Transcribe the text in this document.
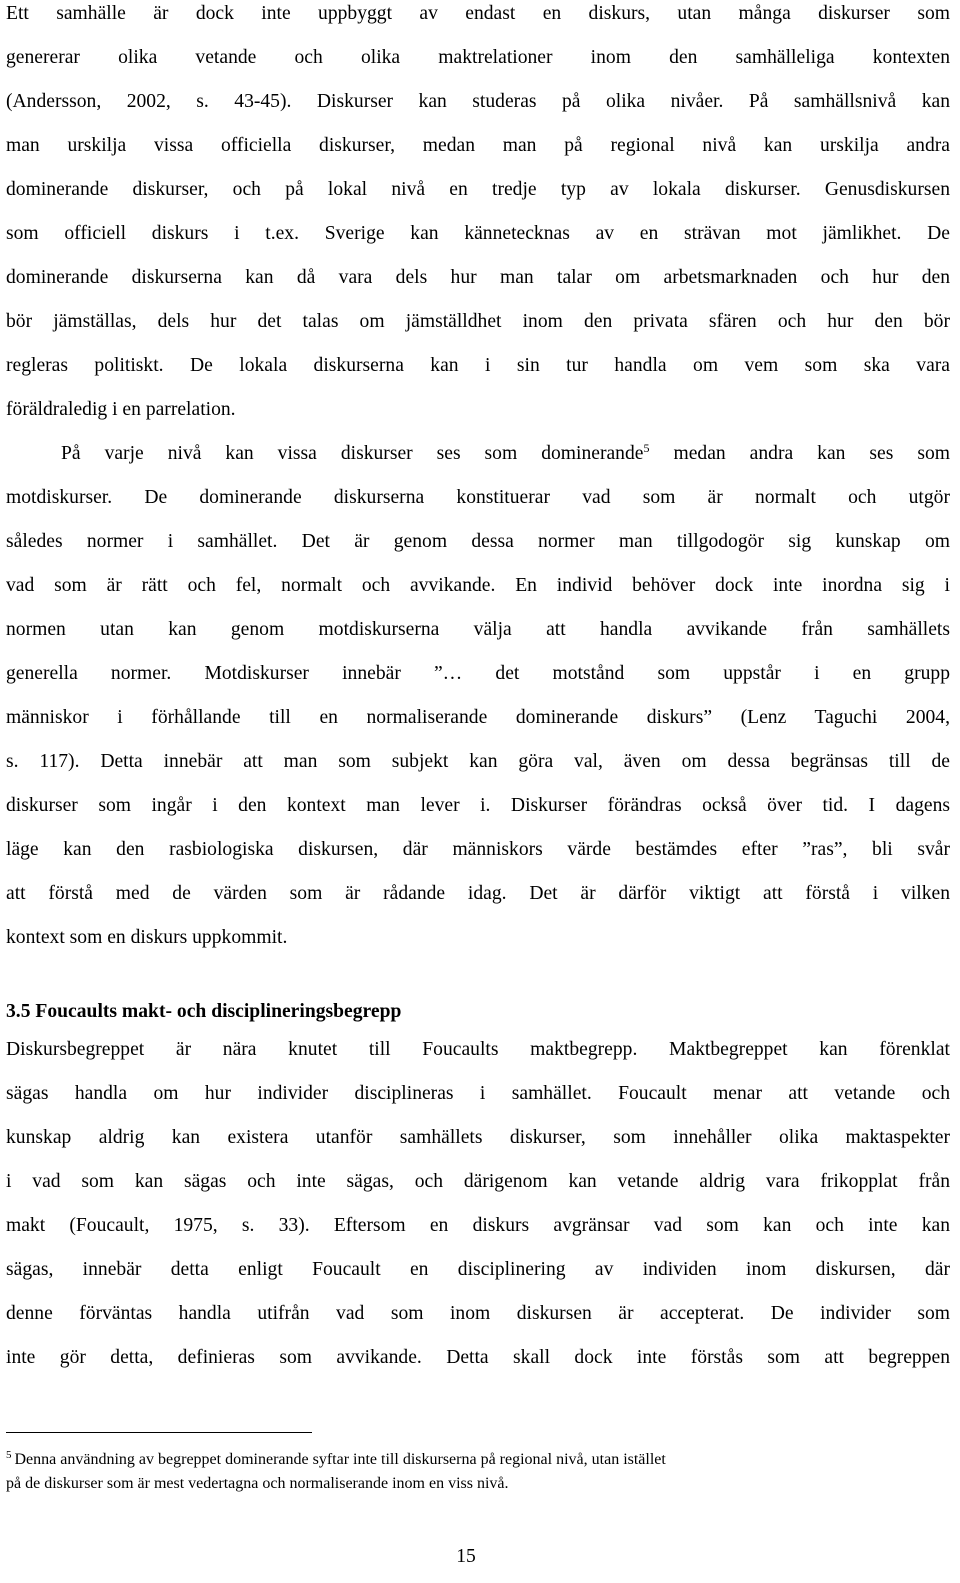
Ett samhälle är dock inte uppbyggt av endast en diskurs, utan många diskurser som
genererar olika vetande och olika maktrelationer inom den samhälleliga kontexten
(Andersson, 2002, s. 43-45). Diskurser kan studeras på olika nivåer. På samhällsnivå kan
man urskilja vissa officiella diskurser, medan man på regional nivå kan urskilja andra
dominerande diskurser, och på lokal nivå en tredje typ av lokala diskurser. Genusdiskursen
som officiell diskurs i t.ex. Sverige kan kännetecknas av en strävan mot jämlikhet. De
dominerande diskurserna kan då vara dels hur man talar om arbetsmarknaden och hur den
bör jämställas, dels hur det talas om jämställdhet inom den privata sfären och hur den bör
regleras politiskt. De lokala diskurserna kan i sin tur handla om vem som ska vara
föräldraledig i en parrelation.
På varje nivå kan vissa diskurser ses som dominerande$^5$ medan andra kan ses som
motdiskurser. De dominerande diskurserna konstituerar vad som är normalt och utgör
således normer i samhället. Det är genom dessa normer man tillgodogör sig kunskap om
vad som är rätt och fel, normalt och avvikande. En individ behöver dock inte inordna sig i
normen utan kan genom motdiskurserna välja att handla avvikande från samhällets
generella normer. Motdiskurser innebär ”… det motstånd som uppstår i en grupp
människor i förhållande till en normaliserande dominerande diskurs” (Lenz Taguchi 2004,
s. 117). Detta innebär att man som subjekt kan göra val, även om dessa begränsas till de
diskurser som ingår i den kontext man lever i. Diskurser förändras också över tid. I dagens
läge kan den rasbiologiska diskursen, där människors värde bestämdes efter ”ras”, bli svår
att förstå med de värden som är rådande idag. Det är därför viktigt att förstå i vilken
kontext som en diskurs uppkommit.
3.5 Foucaults makt- och disciplineringsbegrepp
Diskursbegreppet är nära knutet till Foucaults maktbegrepp. Maktbegreppet kan förenklat
sägas handla om hur individer disciplineras i samhället. Foucault menar att vetande och
kunskap aldrig kan existera utanför samhällets diskurser, som innehåller olika maktaspekter
i vad som kan sägas och inte sägas, och därigenom kan vetande aldrig vara frikopplat från
makt (Foucault, 1975, s. 33). Eftersom en diskurs avgränsar vad som kan och inte kan
sägas, innebär detta enligt Foucault en disciplinering av individen inom diskursen, där
denne förväntas handla utifrån vad som inom diskursen är accepterat. De individer som
inte gör detta, definieras som avvikande. Detta skall dock inte förstås som att begreppen
$^5$ Denna användning av begreppet dominerande syftar inte till diskurserna på regional nivå, utan istället
på de diskurser som är mest vedertagna och normaliserande inom en viss nivå.
15
